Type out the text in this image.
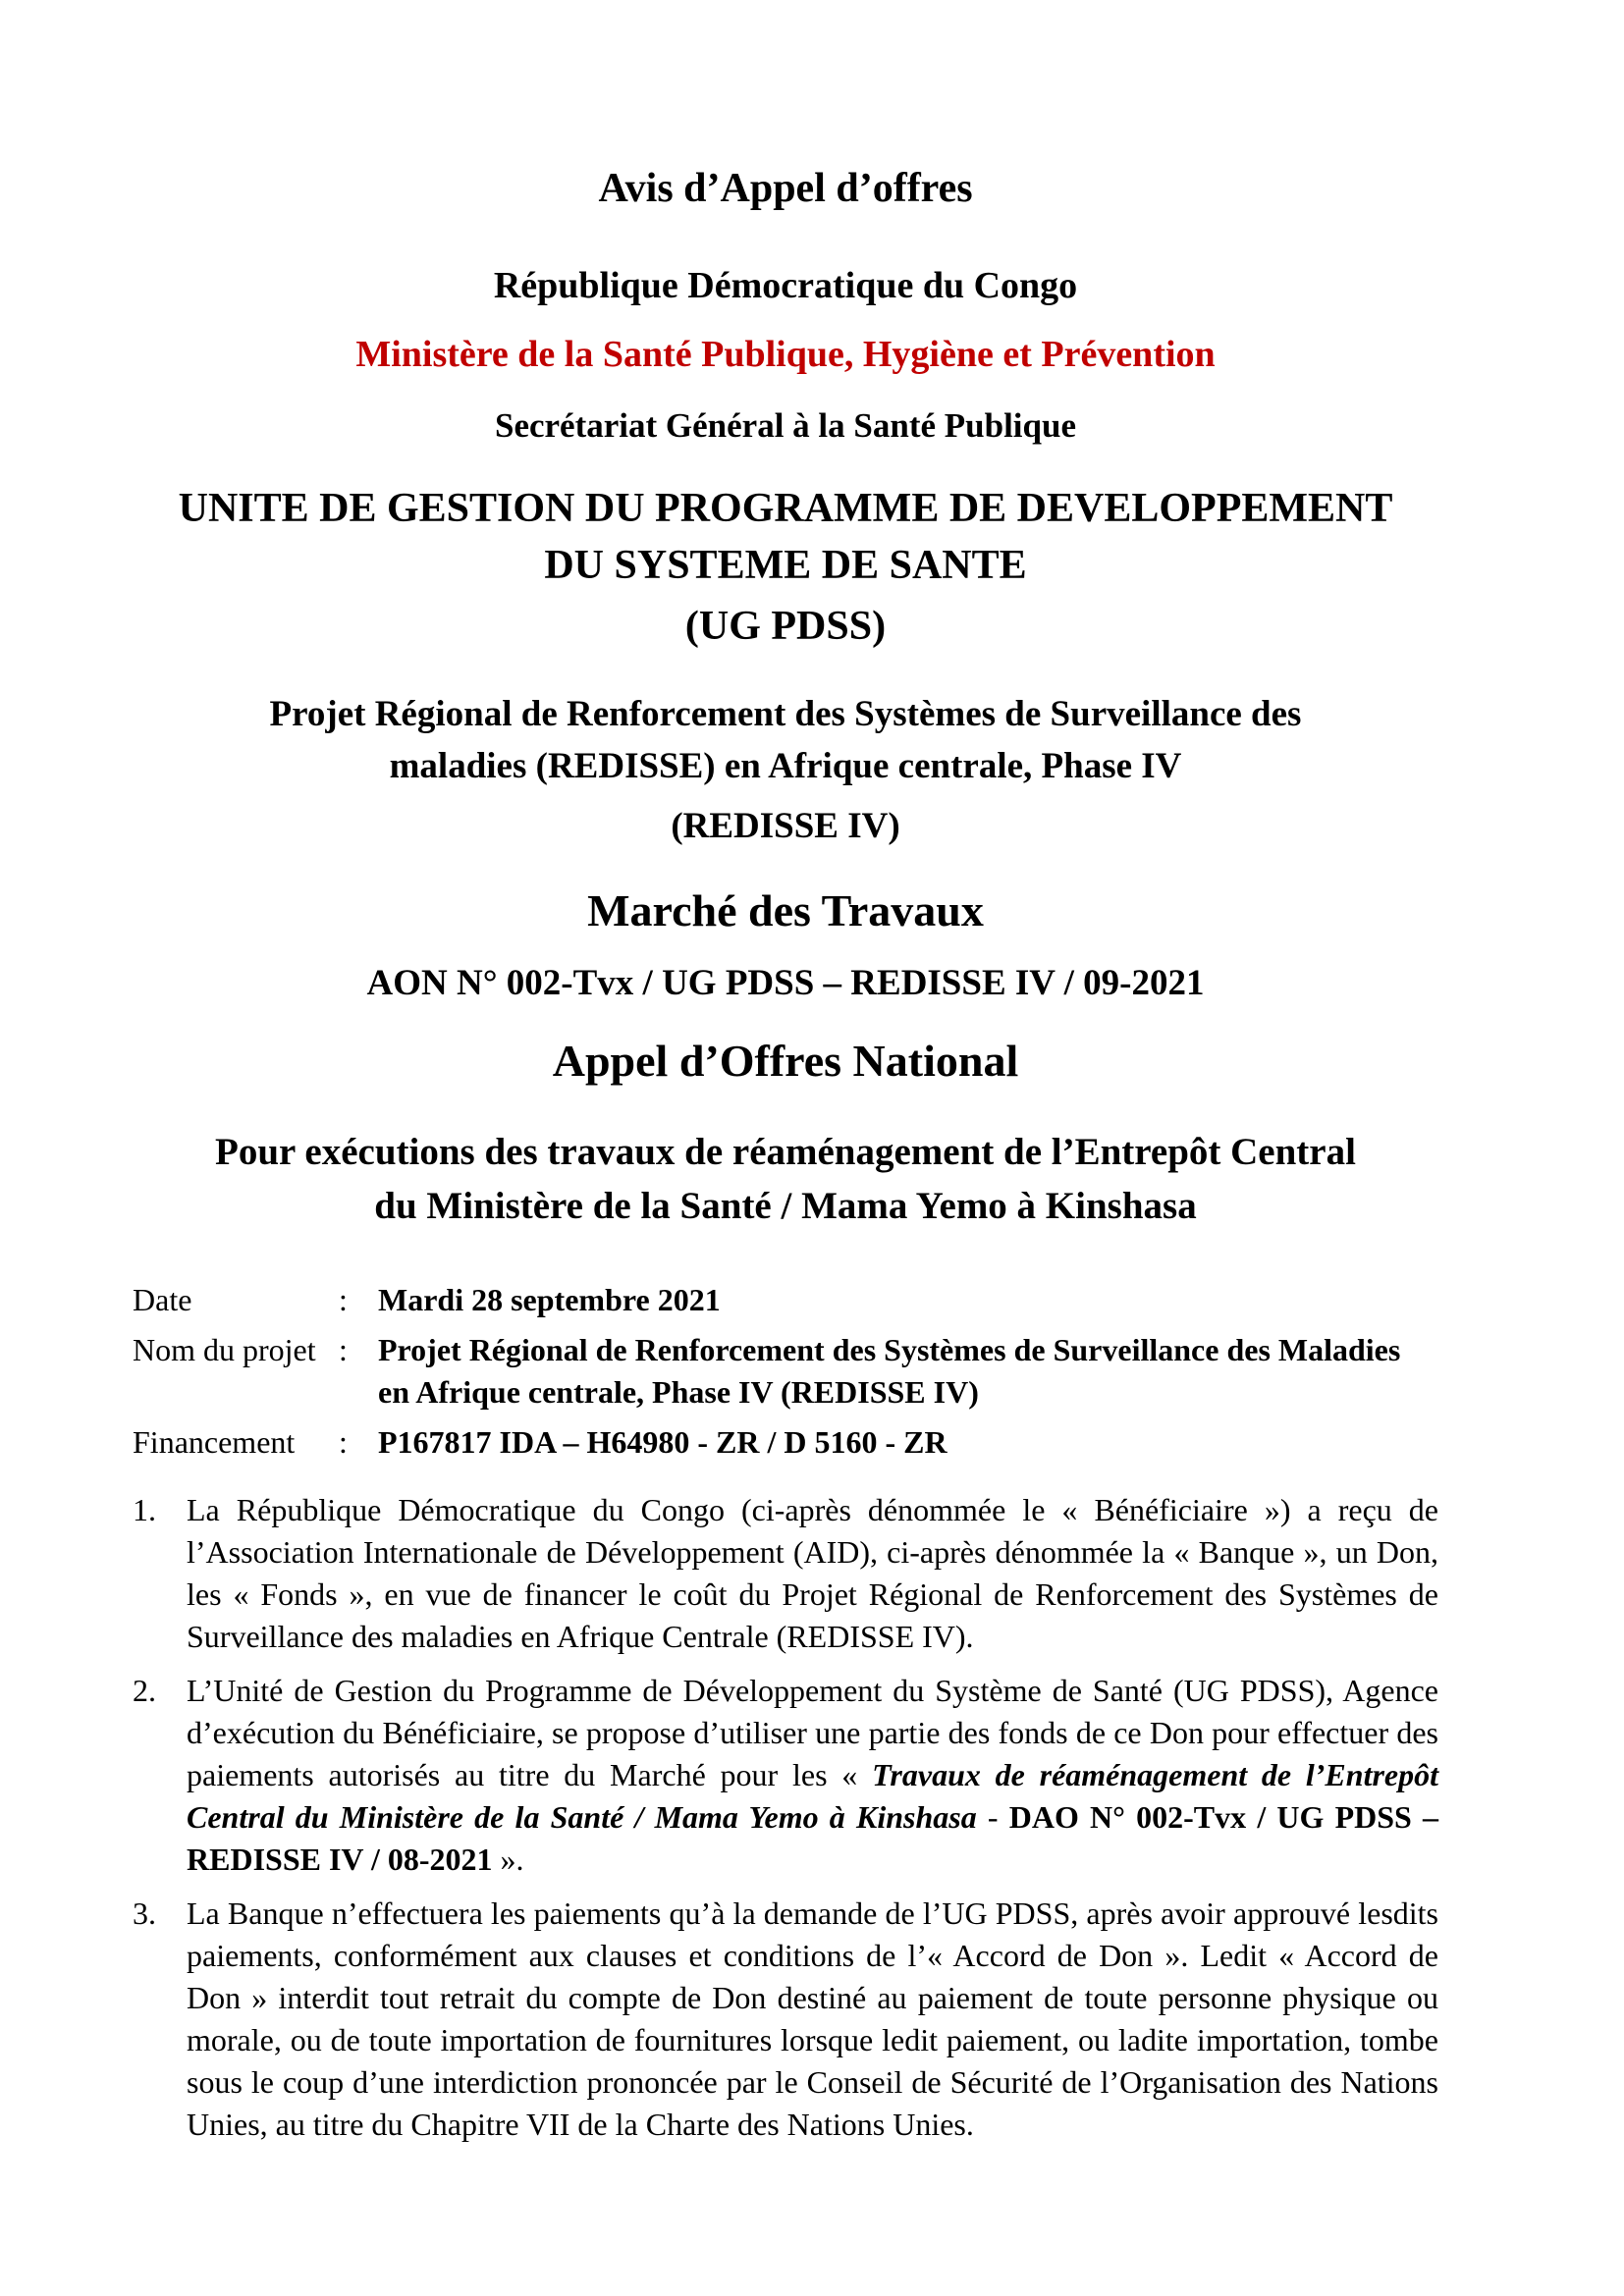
Avis d’Appel d’offres
République Démocratique du Congo
Ministère de la Santé Publique, Hygiène et Prévention
Secrétariat Général à la Santé Publique
UNITE DE GESTION DU PROGRAMME DE DEVELOPPEMENT
DU SYSTEME DE SANTE
(UG PDSS)
Projet Régional de Renforcement des Systèmes de Surveillance des
maladies (REDISSE) en Afrique centrale, Phase IV
(REDISSE IV)
Marché des Travaux
AON N° 002-Tvx / UG PDSS – REDISSE IV / 09-2021
Appel d’Offres National
Pour exécutions des travaux de réaménagement de l’Entrepôt Central
du Ministère de la Santé / Mama Yemo à Kinshasa
Date	: Mardi 28 septembre 2021
Nom du projet : Projet Régional de Renforcement des Systèmes de Surveillance des Maladies en Afrique centrale, Phase IV (REDISSE IV)
Financement	: P167817 IDA – H64980 - ZR / D 5160 - ZR
1. La République Démocratique du Congo (ci-après dénommée le « Bénéficiaire ») a reçu de l’Association Internationale de Développement (AID), ci-après dénommée la « Banque », un Don, les « Fonds », en vue de financer le coût du Projet Régional de Renforcement des Systèmes de Surveillance des maladies en Afrique Centrale (REDISSE IV).
2. L’Unité de Gestion du Programme de Développement du Système de Santé (UG PDSS), Agence d’exécution du Bénéficiaire, se propose d’utiliser une partie des fonds de ce Don pour effectuer des paiements autorisés au titre du Marché pour les « Travaux de réaménagement de l’Entrepôt Central du Ministère de la Santé / Mama Yemo à Kinshasa - DAO N° 002-Tvx / UG PDSS – REDISSE IV / 08-2021 ».
3. La Banque n’effectuera les paiements qu’à la demande de l’UG PDSS, après avoir approuvé lesdits paiements, conformément aux clauses et conditions de l’« Accord de Don ». Ledit « Accord de Don » interdit tout retrait du compte de Don destiné au paiement de toute personne physique ou morale, ou de toute importation de fournitures lorsque ledit paiement, ou ladite importation, tombe sous le coup d’une interdiction prononcée par le Conseil de Sécurité de l’Organisation des Nations Unies, au titre du Chapitre VII de la Charte des Nations Unies.
